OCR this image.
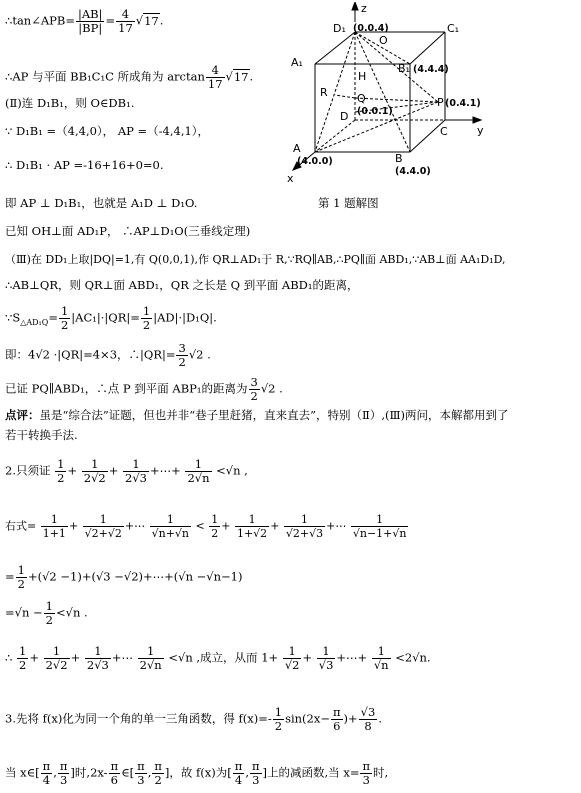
∴tan∠APB= $\frac{|AB|}{|BP|} = \frac{4}{17} √17$.
∴AP 与平面 BB₁C₁C 所成角为 $\arctan \frac{4}{17} √17$.
(Ⅱ)连 D₁B₁，则 O∈DB₁.
∵ D₁B₁ =（4,4,0）， AP =（-4,4,1），
∴ D₁B₁ · AP =-16+16+0=0.
即 AP ⊥ D₁B₁，也就是 A₁D ⊥ D₁O.	第 1 题解图
已知 OH⊥面 AD₁P， ∴AP⊥D₁O(三垂线定理)
（Ⅲ)在 DD₁上取|DQ|=1,有 Q(0,0,1),作 QR⊥AD₁于 R,∵RQ∥AB,∴PQ∥面 ABD₁,∵AB⊥面 AA₁D₁D,
∴AB⊥QR，则 QR⊥面 ABD₁，QR 之长是 Q 到平面 ABD₁的距离，
$\because S_{\triangle AD_1Q}= \frac{1}{2} |AC_1|\cdot|QR|= \frac{1}{2} |AD|\cdot|D_1Q|$.
即：4√2 ·|QR|=4×3，∴|QR|= $\frac{3}{2} √2$ .
已证 PQ∥ABD₁，∴点 P 到平面 ABP₁的距离为 $\frac{3}{2} √2$ .
点评：虽是“综合法”证题，但也并非“巷子里赶猪，直来直去”，特别（Ⅱ）,(Ⅲ)两问，本解都用到了
若干转换手法.
2.只须证 $\frac{1}{2} + \frac{1}{2√2} + \frac{1}{2√3}$ +⋯+ $\frac{1}{2√n} <√n$ ,
右式= $\frac{1}{1+1} + \frac{1}{√2+√2}$ +⋯ $\frac{1}{√n+√n} < \frac{1}{2} + \frac{1}{1+√2} + \frac{1}{√2+√3}$ +⋯ $\frac{1}{√n-1+√n}$
= $\frac{1}{2} +(√2 -1)+(√3$ −√2)+⋯+(√n −√n−1)
$=√n - \frac{1}{2} <√n$ .
∴ $\frac{1}{2} + \frac{1}{2√2} + \frac{1}{2√3}$ +⋯ $\frac{1}{2√n} <√n$ ,成立，从而 $1+ \frac{1}{√2} + \frac{1}{√3}$ +⋯+ $\frac{1}{√n} <2√n$.
3.先将 f(x)化为同一个角的单一三角函数，得 $f(x)=- \frac{1}{2} \sin(2x- \frac{\pi}{6}$ )+ $\frac{√3}{8}$ .
当 x∈[ $\frac{\pi}{4}$ , $\frac{\pi}{3}$ ]时$,2x- \frac{\pi}{6}$ ∈[ $\frac{\pi}{3}$ , $\frac{\pi}{2}$ ]，故 f(x)为[ $\frac{\pi}{4}$ , $\frac{\pi}{3}$ ]上的减函数,当 $x= \frac{\pi}{3}$ 时,
D₁	C₁
A₁	B₁
A
B
C
O
H
R	Q
D
P
z
y
x
(0.0.4)
(4.4.4)
(0.0.1)
(4.0.0)
(4.4.0)
(0.4.1)
